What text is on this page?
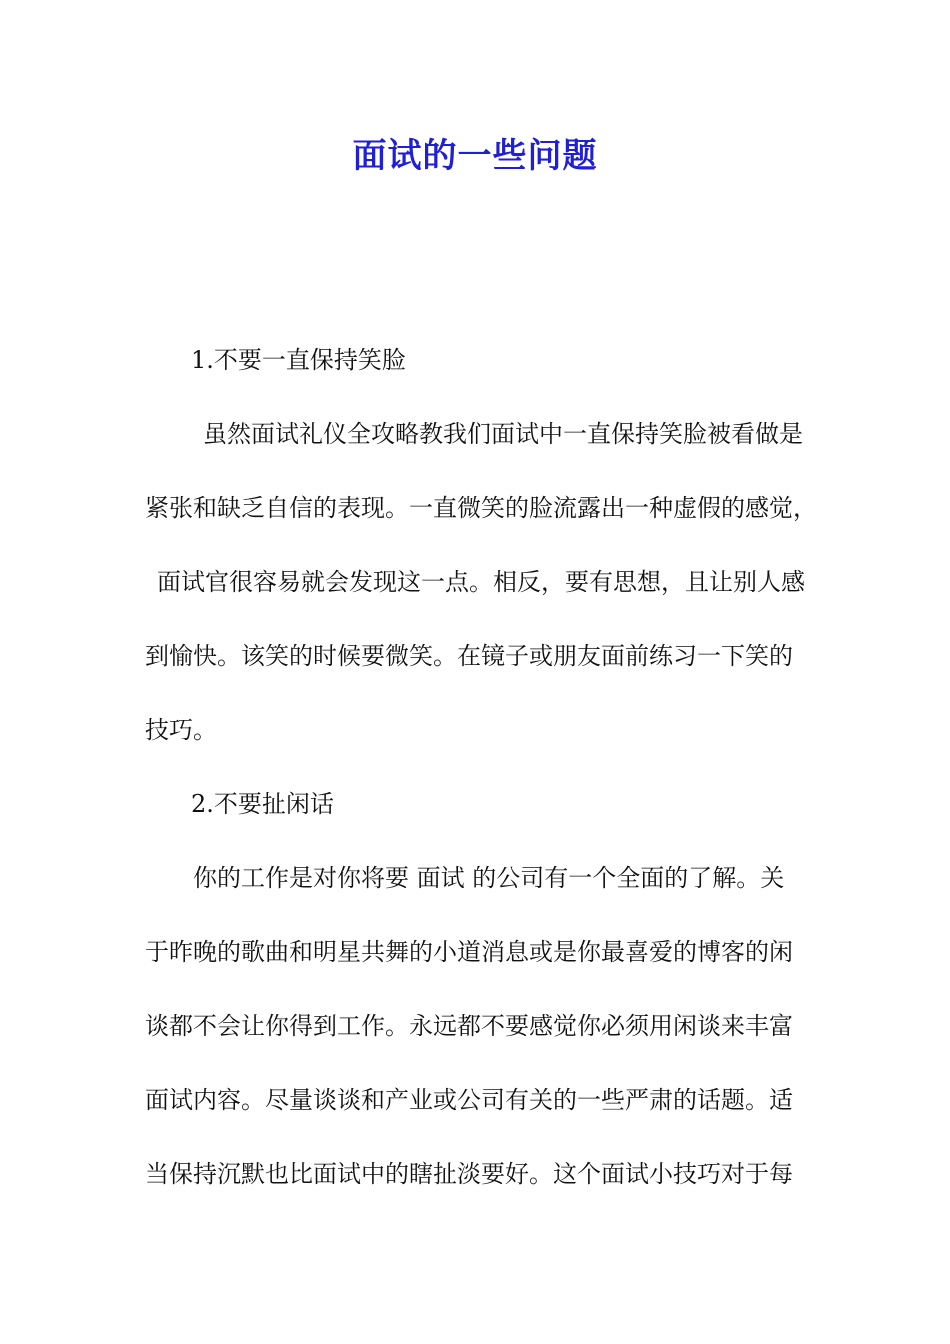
面试的一些问题
1.不要一直保持笑脸
虽然面试礼仪全攻略教我们面试中一直保持笑脸被看做是
紧张和缺乏自信的表现。一直微笑的脸流露出一种虚假的感觉，
面试官很容易就会发现这一点。相反，要有思想，且让别人感
到愉快。该笑的时候要微笑。在镜子或朋友面前练习一下笑的
技巧。
2.不要扯闲话
你的工作是对你将要 面试 的公司有一个全面的了解。关
于昨晚的歌曲和明星共舞的小道消息或是你最喜爱的博客的闲
谈都不会让你得到工作。永远都不要感觉你必须用闲谈来丰富
面试内容。尽量谈谈和产业或公司有关的一些严肃的话题。适
当保持沉默也比面试中的瞎扯淡要好。这个面试小技巧对于每
